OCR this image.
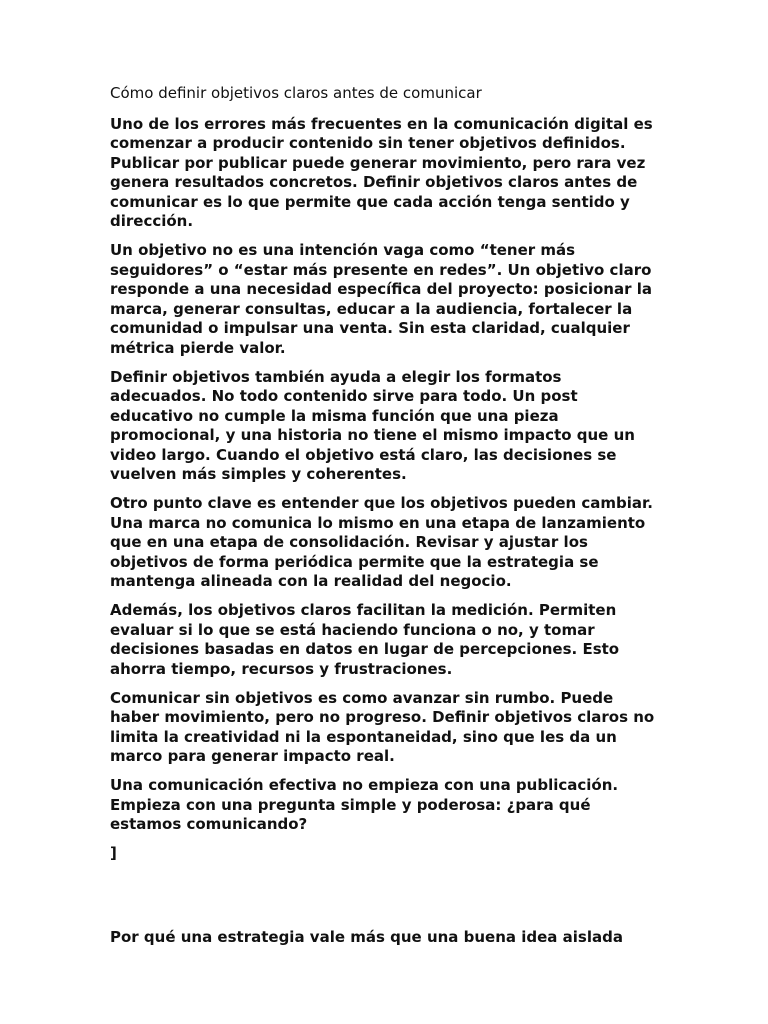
Cómo definir objetivos claros antes de comunicar

Uno de los errores más frecuentes en la comunicación digital es comenzar a producir contenido sin tener objetivos definidos. Publicar por publicar puede generar movimiento, pero rara vez genera resultados concretos. Definir objetivos claros antes de comunicar es lo que permite que cada acción tenga sentido y dirección.

Un objetivo no es una intención vaga como “tener más seguidores” o “estar más presente en redes”. Un objetivo claro responde a una necesidad específica del proyecto: posicionar la marca, generar consultas, educar a la audiencia, fortalecer la comunidad o impulsar una venta. Sin esta claridad, cualquier métrica pierde valor.

Definir objetivos también ayuda a elegir los formatos adecuados. No todo contenido sirve para todo. Un post educativo no cumple la misma función que una pieza promocional, y una historia no tiene el mismo impacto que un video largo. Cuando el objetivo está claro, las decisiones se vuelven más simples y coherentes.

Otro punto clave es entender que los objetivos pueden cambiar. Una marca no comunica lo mismo en una etapa de lanzamiento que en una etapa de consolidación. Revisar y ajustar los objetivos de forma periódica permite que la estrategia se mantenga alineada con la realidad del negocio.

Además, los objetivos claros facilitan la medición. Permiten evaluar si lo que se está haciendo funciona o no, y tomar decisiones basadas en datos en lugar de percepciones. Esto ahorra tiempo, recursos y frustraciones.

Comunicar sin objetivos es como avanzar sin rumbo. Puede haber movimiento, pero no progreso. Definir objetivos claros no limita la creatividad ni la espontaneidad, sino que les da un marco para generar impacto real.

Una comunicación efectiva no empieza con una publicación. Empieza con una pregunta simple y poderosa: ¿para qué estamos comunicando?

]

Por qué una estrategia vale más que una buena idea aislada
